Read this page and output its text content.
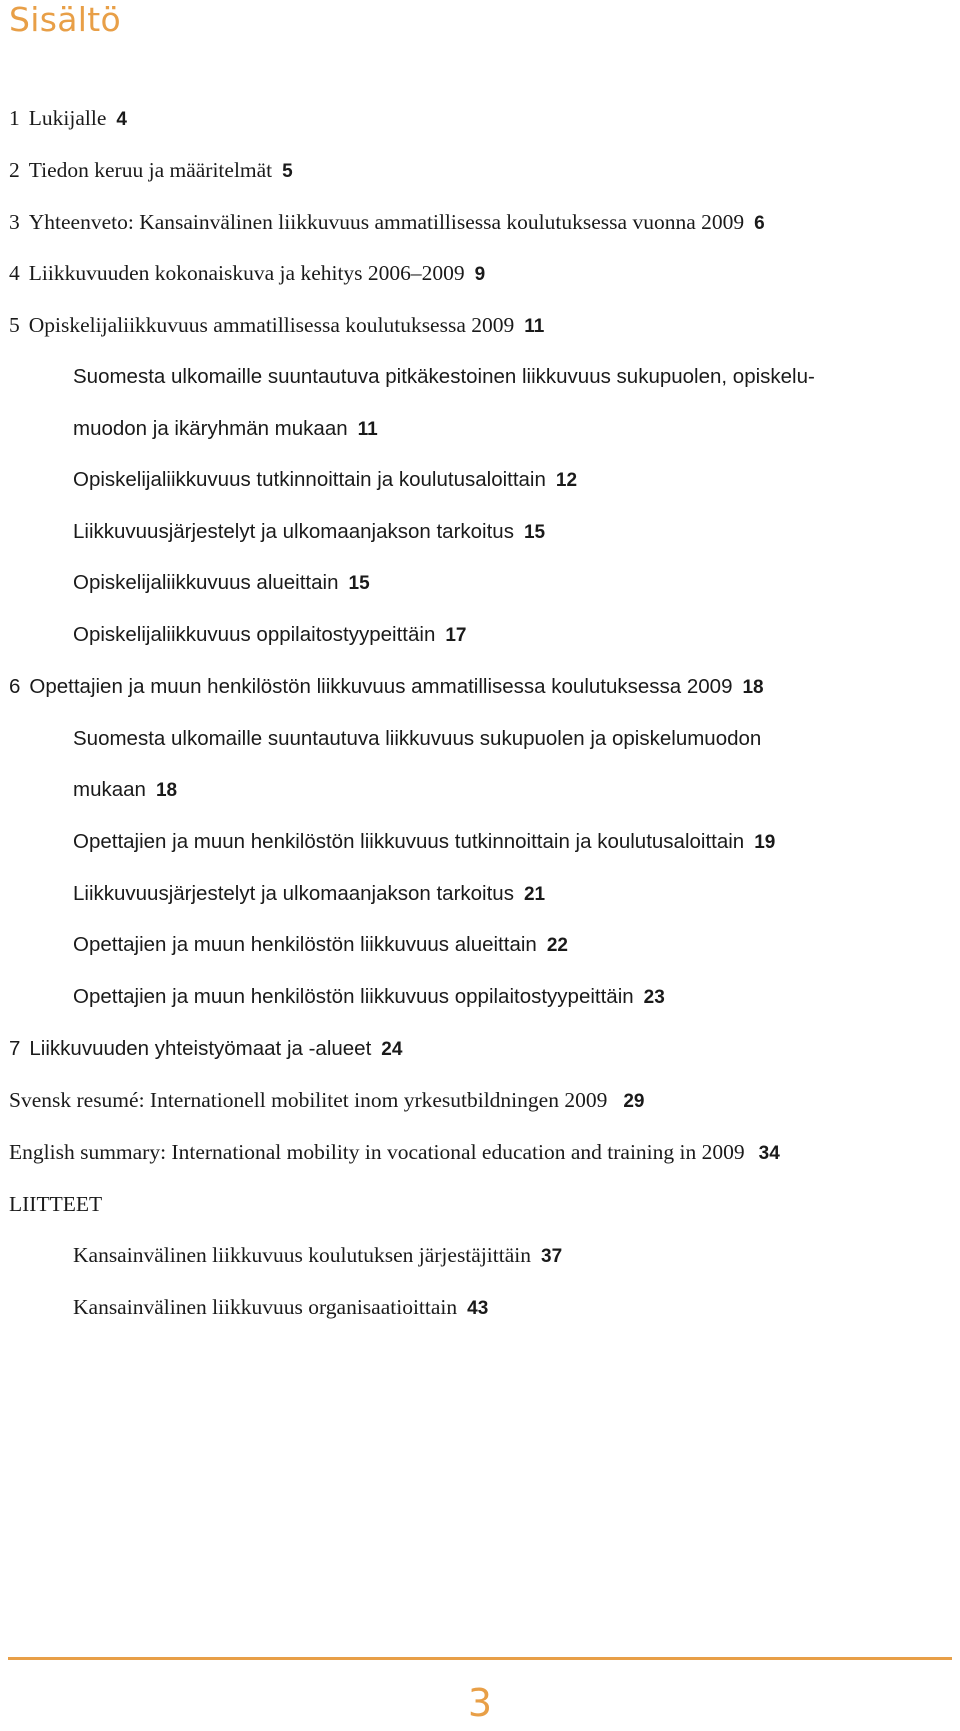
Sisältö
1 Lukijalle 4
2 Tiedon keruu ja määritelmät 5
3 Yhteenveto: Kansainvälinen liikkuvuus ammatillisessa koulutuksessa vuonna 2009 6
4 Liikkuvuuden kokonaiskuva ja kehitys 2006–2009 9
5 Opiskelijaliikkuvuus ammatillisessa koulutuksessa 2009 11
Suomesta ulkomaille suuntautuva pitkäkestoinen liikkuvuus sukupuolen, opiskelu-
muodon ja ikäryhmän mukaan 11
Opiskelijaliikkuvuus tutkinnoittain ja koulutusaloittain 12
Liikkuvuusjärjestelyt ja ulkomaanjakson tarkoitus 15
Opiskelijaliikkuvuus alueittain 15
Opiskelijaliikkuvuus oppilaitostyypeittäin 17
6 Opettajien ja muun henkilöstön liikkuvuus ammatillisessa koulutuksessa 2009 18
Suomesta ulkomaille suuntautuva liikkuvuus sukupuolen ja opiskelumuodon
mukaan 18
Opettajien ja muun henkilöstön liikkuvuus tutkinnoittain ja koulutusaloittain 19
Liikkuvuusjärjestelyt ja ulkomaanjakson tarkoitus 21
Opettajien ja muun henkilöstön liikkuvuus alueittain 22
Opettajien ja muun henkilöstön liikkuvuus oppilaitostyypeittäin 23
7 Liikkuvuuden yhteistyömaat ja -alueet 24
Svensk resumé: Internationell mobilitet inom yrkesutbildningen 2009 29
English summary: International mobility in vocational education and training in 2009 34
LIITTEET
Kansainvälinen liikkuvuus koulutuksen järjestäjittäin 37
Kansainvälinen liikkuvuus organisaatioittain 43
3
